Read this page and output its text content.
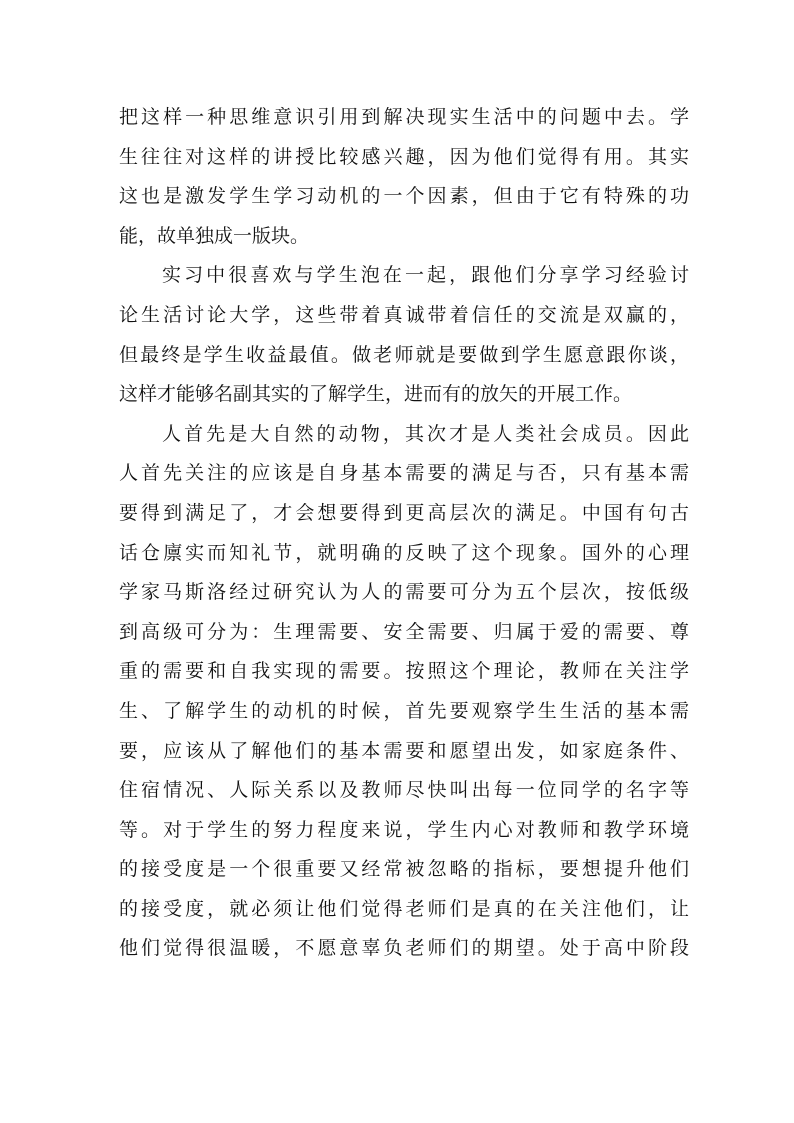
把这样一种思维意识引用到解决现实生活中的问题中去。学
生往往对这样的讲授比较感兴趣，因为他们觉得有用。其实
这也是激发学生学习动机的一个因素，但由于它有特殊的功
能，故单独成一版块。
实习中很喜欢与学生泡在一起，跟他们分享学习经验讨
论生活讨论大学，这些带着真诚带着信任的交流是双赢的，
但最终是学生收益最值。做老师就是要做到学生愿意跟你谈，
这样才能够名副其实的了解学生，进而有的放矢的开展工作。
人首先是大自然的动物，其次才是人类社会成员。因此
人首先关注的应该是自身基本需要的满足与否，只有基本需
要得到满足了，才会想要得到更高层次的满足。中国有句古
话仓廪实而知礼节，就明确的反映了这个现象。国外的心理
学家马斯洛经过研究认为人的需要可分为五个层次，按低级
到高级可分为：生理需要、安全需要、归属于爱的需要、尊
重的需要和自我实现的需要。按照这个理论，教师在关注学
生、了解学生的动机的时候，首先要观察学生生活的基本需
要，应该从了解他们的基本需要和愿望出发，如家庭条件、
住宿情况、人际关系以及教师尽快叫出每一位同学的名字等
等。对于学生的努力程度来说，学生内心对教师和教学环境
的接受度是一个很重要又经常被忽略的指标，要想提升他们
的接受度，就必须让他们觉得老师们是真的在关注他们，让
他们觉得很温暖，不愿意辜负老师们的期望。处于高中阶段
